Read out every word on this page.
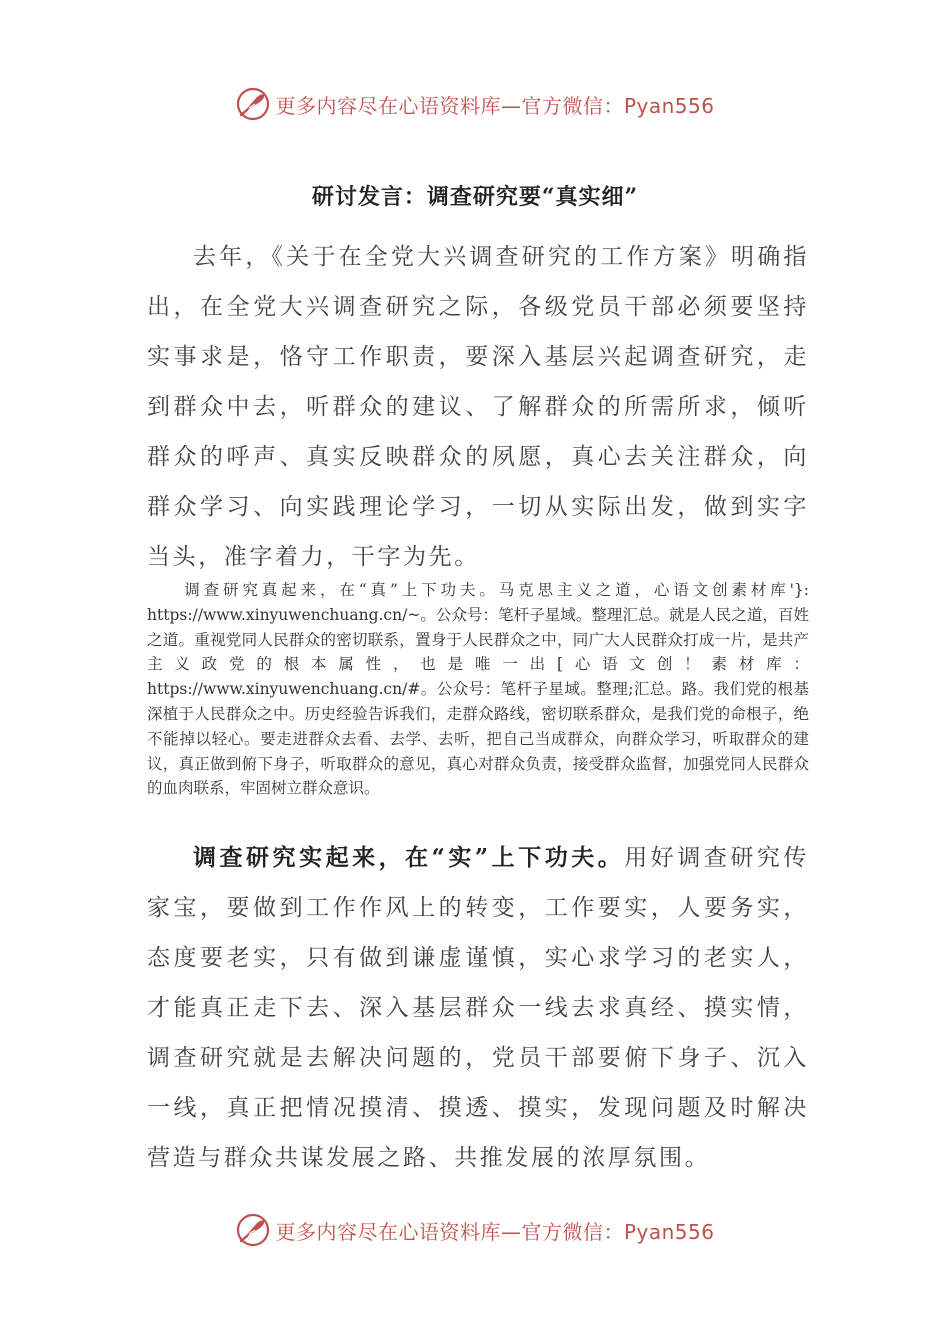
更多内容尽在心语资料库—官方微信：Pyan556
研讨发言：调查研究要“真实细”

去年，《关于在全党大兴调查研究的工作方案》明确指出，在全党大兴调查研究之际，各级党员干部必须要坚持实事求是，恪守工作职责，要深入基层兴起调查研究，走到群众中去，听群众的建议、了解群众的所需所求，倾听群众的呼声、真实反映群众的夙愿，真心去关注群众，向群众学习、向实践理论学习，一切从实际出发，做到实字当头，准字着力，干字为先。

调查研究真起来，在“真”上下功夫。马克思主义之道，心语文创素材库'}: https://www.xinyuwenchuang.cn/~。公众号：笔杆子星域。整理汇总。就是人民之道，百姓之道。重视党同人民群众的密切联系，置身于人民群众之中，同广大人民群众打成一片，是共产主义政党的根本属性，也是唯一出[心语文创！素材库：https://www.xinyuwenchuang.cn/#。公众号：笔杆子星域。整理;汇总。路。我们党的根基深植于人民群众之中。历史经验告诉我们，走群众路线，密切联系群众，是我们党的命根子，绝不能掉以轻心。要走进群众去看、去学、去听，把自己当成群众，向群众学习，听取群众的建议，真正做到俯下身子，听取群众的意见，真心对群众负责，接受群众监督，加强党同人民群众的血肉联系，牢固树立群众意识。

调查研究实起来，在“实”上下功夫。用好调查研究传家宝，要做到工作作风上的转变，工作要实，人要务实，态度要老实，只有做到谦虚谨慎，实心求学习的老实人，才能真正走下去、深入基层群众一线去求真经、摸实情，调查研究就是去解决问题的，党员干部要俯下身子、沉入一线，真正把情况摸清、摸透、摸实，发现问题及时解决营造与群众共谋发展之路、共推发展的浓厚氛围。

更多内容尽在心语资料库—官方微信：Pyan556
